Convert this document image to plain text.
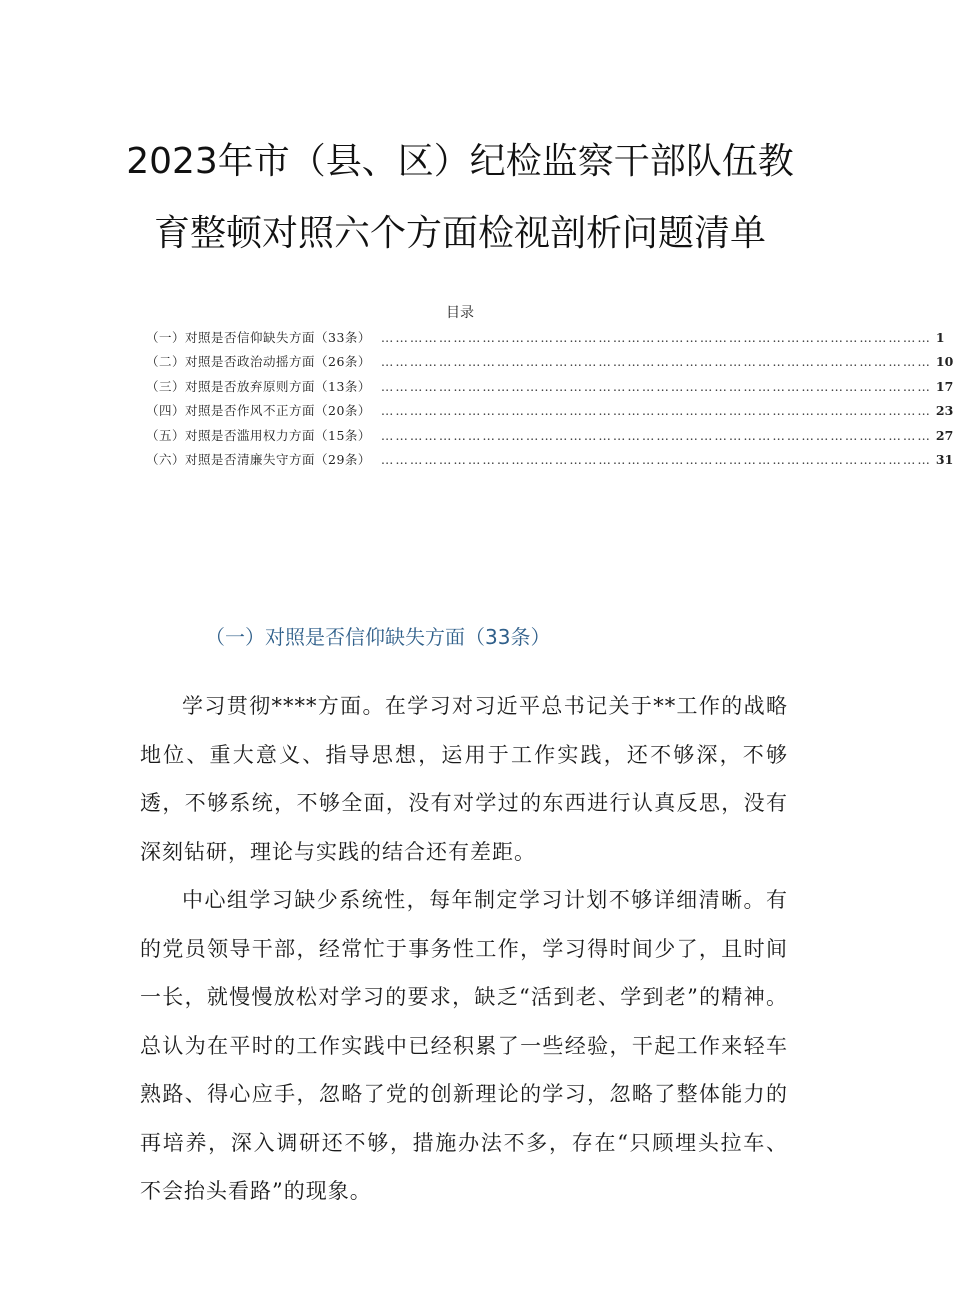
2023年市（县、区）纪检监察干部队伍教
育整顿对照六个方面检视剖析问题清单
目录
（一）对照是否信仰缺失方面（33条） …………………………………………………………………………………………………… 1
（二）对照是否政治动摇方面（26条） …………………………………………………………………………………………………… 10
（三）对照是否放弃原则方面（13条） …………………………………………………………………………………………………… 17
（四）对照是否作风不正方面（20条） …………………………………………………………………………………………………… 23
（五）对照是否滥用权力方面（15条） …………………………………………………………………………………………………… 27
（六）对照是否清廉失守方面（29条） …………………………………………………………………………………………………… 31
（一）对照是否信仰缺失方面（33条）

学习贯彻****方面。在学习对习近平总书记关于**工作的战略地位、重大意义、指导思想，运用于工作实践，还不够深，不够透，不够系统，不够全面，没有对学过的东西进行认真反思，没有深刻钻研，理论与实践的结合还有差距。

中心组学习缺少系统性，每年制定学习计划不够详细清晰。有的党员领导干部，经常忙于事务性工作，学习得时间少了，且时间一长，就慢慢放松对学习的要求，缺乏“活到老、学到老”的精神。总认为在平时的工作实践中已经积累了一些经验，干起工作来轻车熟路、得心应手，忽略了党的创新理论的学习，忽略了整体能力的再培养，深入调研还不够，措施办法不多，存在“只顾埋头拉车、不会抬头看路”的现象。
